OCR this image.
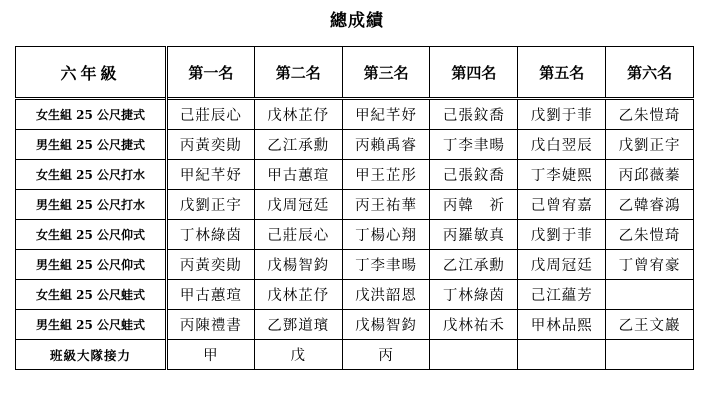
總成績
六年級	第一名	第二名	第三名	第四名	第五名	第六名
女生組 25 公尺捷式	己莊辰心	戊林芷伃	甲紀芊妤	己張鈫喬	戊劉于菲	乙朱愷琦
男生組 25 公尺捷式	丙黃奕勛	乙江承勳	丙賴禹睿	丁李聿暘	戊白翌辰	戊劉正宇
女生組 25 公尺打水	甲紀芊妤	甲古蕙瑄	甲王芷彤	己張鈫喬	丁李婕熙	丙邱薇蓁
男生組 25 公尺打水	戊劉正宇	戊周冠廷	丙王祐華	丙韓　祈	己曾宥嘉	乙韓睿鴻
女生組 25 公尺仰式	丁林綠茵	己莊辰心	丁楊心翔	丙羅敏真	戊劉于菲	乙朱愷琦
男生組 25 公尺仰式	丙黃奕勛	戊楊智鈞	丁李聿暘	乙江承勳	戊周冠廷	丁曾宥豪
女生組 25 公尺蛙式	甲古蕙瑄	戊林芷伃	戊洪韶恩	丁林綠茵	己江蘊芳	
男生組 25 公尺蛙式	丙陳禮書	乙鄧道璸	戊楊智鈞	戊林祐禾	甲林品熙	乙王文巖
班級大隊接力	甲	戊	丙			
